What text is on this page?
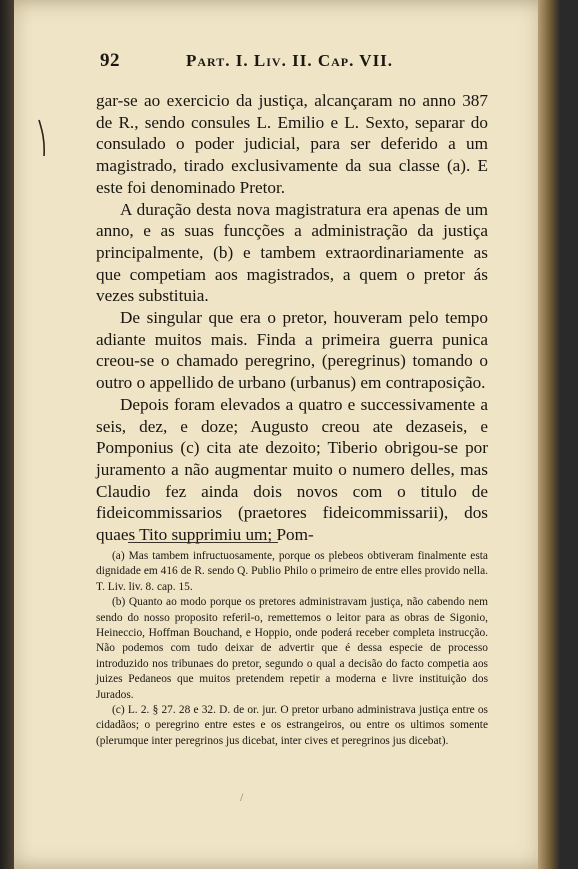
92	Part. I. Liv. II. Cap. VII.

gar-se ao exercicio da justiça, alcançaram no anno 387 de R., sendo consules L. Emilio e L. Sexto, separar do consulado o poder judicial, para ser deferido a um magistrado, tirado exclusivamente da sua classe (a). E este foi denominado Pretor.

A duração desta nova magistratura era apenas de um anno, e as suas funcções a administração da justiça principalmente, (b) e tambem extraordinariamente as que competiam aos magistrados, a quem o pretor ás vezes substituia.

De singular que era o pretor, houveram pelo tempo adiante muitos mais. Finda a primeira guerra punica creou-se o chamado peregrino, (peregrinus) tomando o outro o appellido de urbano (urbanus) em contraposição.

Depois foram elevados a quatro e successivamente a seis, dez, e doze; Augusto creou ate dezaseis, e Pomponius (c) cita ate dezoito; Tiberio obrigou-se por juramento a não augmentar muito o numero delles, mas Claudio fez ainda dois novos com o titulo de fideicommissarios (praetores fideicommissarii), dos quaes Tito supprimiu um; Pom-

(a) Mas tambem infructuosamente, porque os plebeos obtiveram finalmente esta dignidade em 416 de R. sendo Q. Publio Philo o primeiro de entre elles provido nella. T. Liv. liv. 8. cap. 15.

(b) Quanto ao modo porque os pretores administravam justiça, não cabendo nem sendo do nosso proposito referil-o, remettemos o leitor para as obras de Sigonio, Heineccio, Hoffman Bouchand, e Hoppio, onde poderá receber completa instrucção. Não podemos com tudo deixar de advertir que é dessa especie de processo introduzido nos tribunaes do pretor, segundo o qual a decisão do facto competia aos juizes Pedaneos que muitos pretendem repetir a moderna e livre instituição dos Jurados.

(c) L. 2. § 27. 28 e 32. D. de or. jur. O pretor urbano administrava justiça entre os cidadãos; o peregrino entre estes e os estrangeiros, ou entre os ultimos somente (plerumque inter peregrinos jus dicebat, inter cives et peregrinos jus dicebat).

/
